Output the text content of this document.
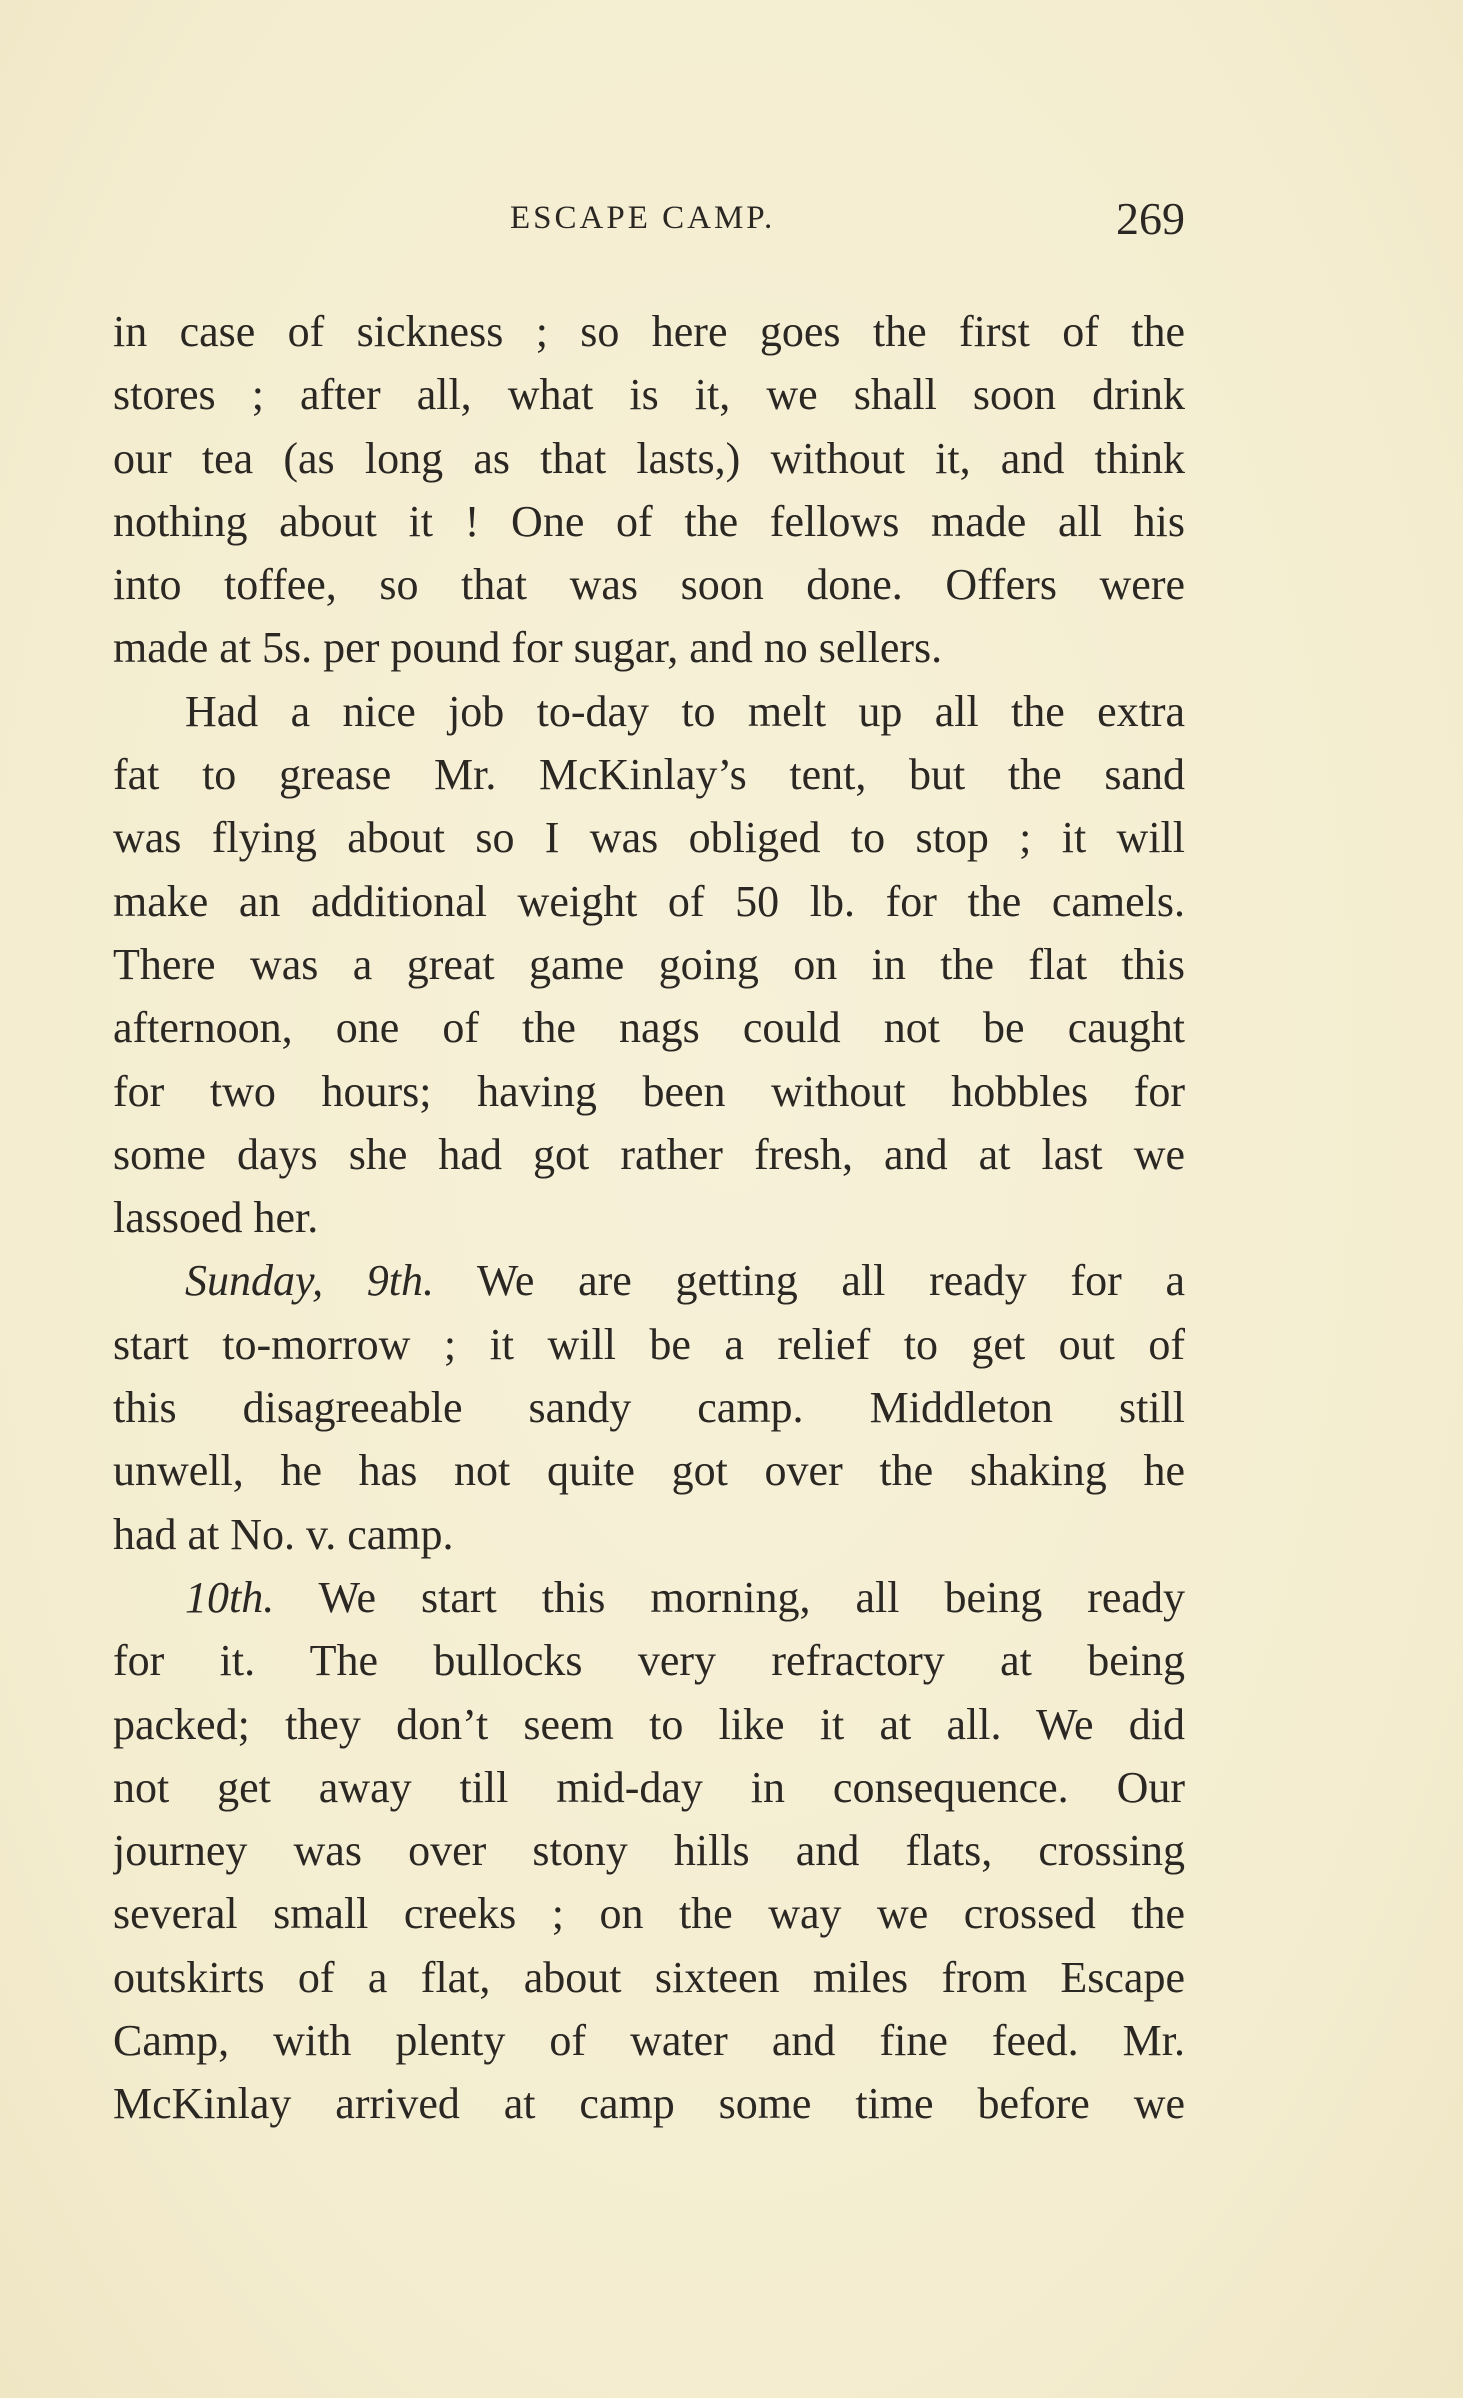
ESCAPE CAMP.	269
in case of sickness ; so here goes the first of the
stores ; after all, what is it, we shall soon drink
our tea (as long as that lasts,) without it, and think
nothing about it ! One of the fellows made all his
into toffee, so that was soon done. Offers were
made at 5s. per pound for sugar, and no sellers.
Had a nice job to-day to melt up all the extra
fat to grease Mr. McKinlay’s tent, but the sand
was flying about so I was obliged to stop ; it will
make an additional weight of 50 lb. for the camels.
There was a great game going on in the flat this
afternoon, one of the nags could not be caught
for two hours; having been without hobbles for
some days she had got rather fresh, and at last we
lassoed her.
Sunday, 9th. We are getting all ready for a
start to-morrow ; it will be a relief to get out of
this disagreeable sandy camp. Middleton still
unwell, he has not quite got over the shaking he
had at No. v. camp.
10th. We start this morning, all being ready
for it. The bullocks very refractory at being
packed; they don’t seem to like it at all. We did
not get away till mid-day in consequence. Our
journey was over stony hills and flats, crossing
several small creeks ; on the way we crossed the
outskirts of a flat, about sixteen miles from Escape
Camp, with plenty of water and fine feed. Mr.
McKinlay arrived at camp some time before we
